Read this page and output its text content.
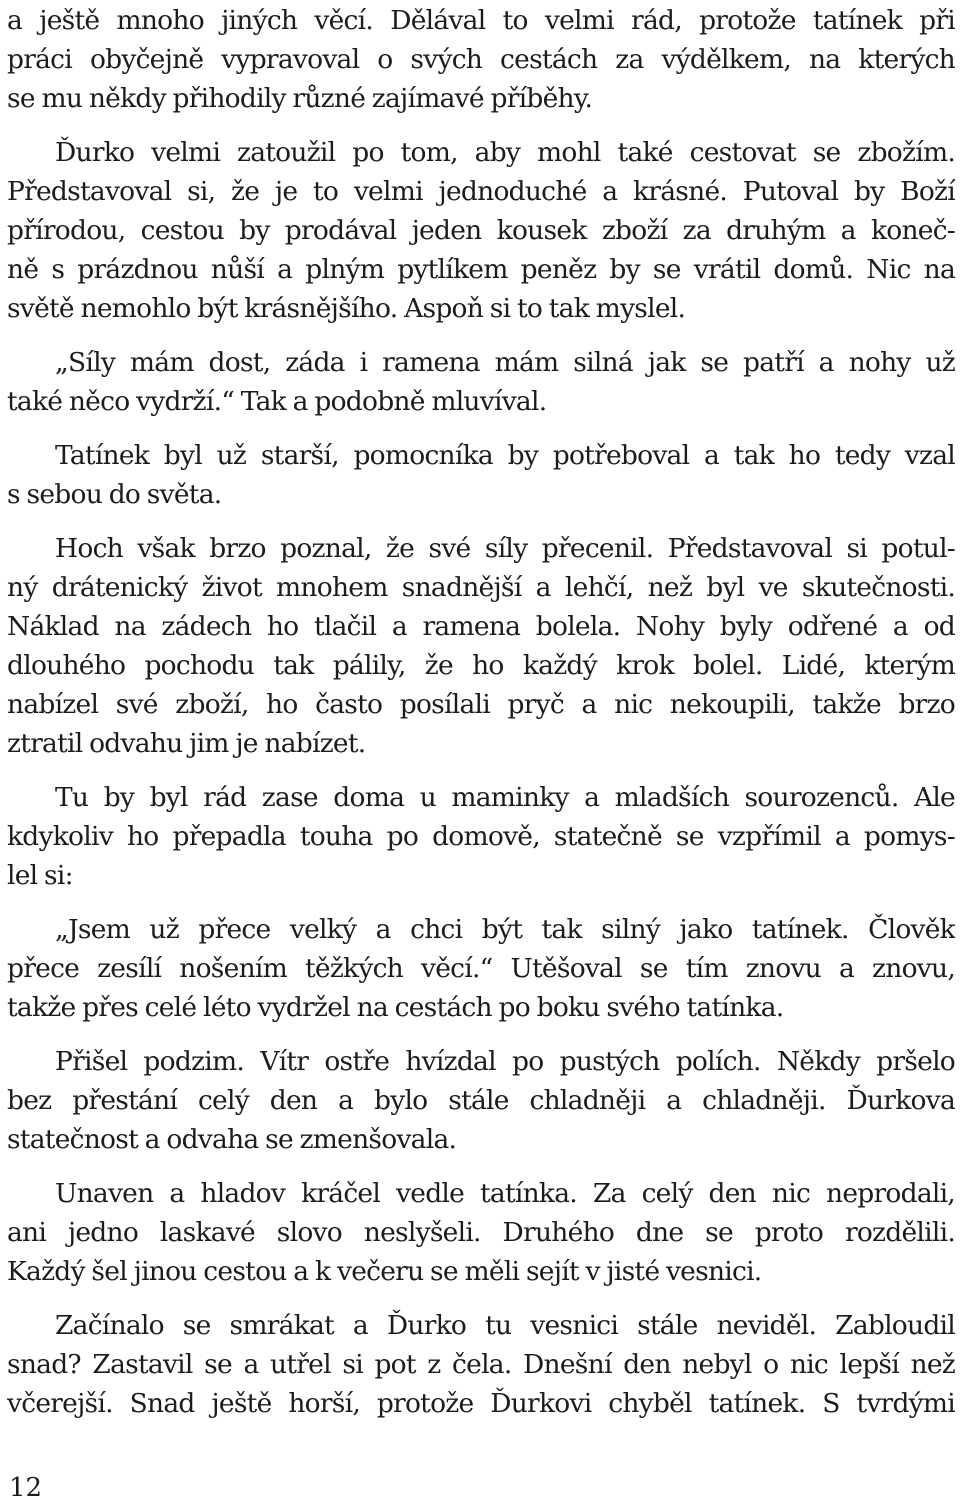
a ještě mnoho jiných věcí. Dělával to velmi rád, protože tatínek při
práci obyčejně vypravoval o svých cestách za výdělkem, na kterých
se mu někdy přihodily různé zajímavé příběhy.
Ďurko velmi zatoužil po tom, aby mohl také cestovat se zbožím.
Představoval si, že je to velmi jednoduché a krásné. Putoval by Boží
přírodou, cestou by prodával jeden kousek zboží za druhým a koneč-
ně s prázdnou nůší a plným pytlíkem peněz by se vrátil domů. Nic na
světě nemohlo být krásnějšího. Aspoň si to tak myslel.
„Síly mám dost, záda i ramena mám silná jak se patří a nohy už
také něco vydrží.“ Tak a podobně mluvíval.
Tatínek byl už starší, pomocníka by potřeboval a tak ho tedy vzal
s sebou do světa.
Hoch však brzo poznal, že své síly přecenil. Představoval si potul-
ný drátenický život mnohem snadnější a lehčí, než byl ve skutečnosti.
Náklad na zádech ho tlačil a ramena bolela. Nohy byly odřené a od
dlouhého pochodu tak pálily, že ho každý krok bolel. Lidé, kterým
nabízel své zboží, ho často posílali pryč a nic nekoupili, takže brzo
ztratil odvahu jim je nabízet.
Tu by byl rád zase doma u maminky a mladších sourozenců. Ale
kdykoliv ho přepadla touha po domově, statečně se vzpřímil a pomys-
lel si:
„Jsem už přece velký a chci být tak silný jako tatínek. Člověk
přece zesílí nošením těžkých věcí.“ Utěšoval se tím znovu a znovu,
takže přes celé léto vydržel na cestách po boku svého tatínka.
Přišel podzim. Vítr ostře hvízdal po pustých polích. Někdy pršelo
bez přestání celý den a bylo stále chladněji a chladněji. Ďurkova
statečnost a odvaha se zmenšovala.
Unaven a hladov kráčel vedle tatínka. Za celý den nic neprodali,
ani jedno laskavé slovo neslyšeli. Druhého dne se proto rozdělili.
Každý šel jinou cestou a k večeru se měli sejít v jisté vesnici.
Začínalo se smrákat a Ďurko tu vesnici stále neviděl. Zabloudil
snad? Zastavil se a utřel si pot z čela. Dnešní den nebyl o nic lepší než
včerejší. Snad ještě horší, protože Ďurkovi chyběl tatínek. S tvrdými
12
